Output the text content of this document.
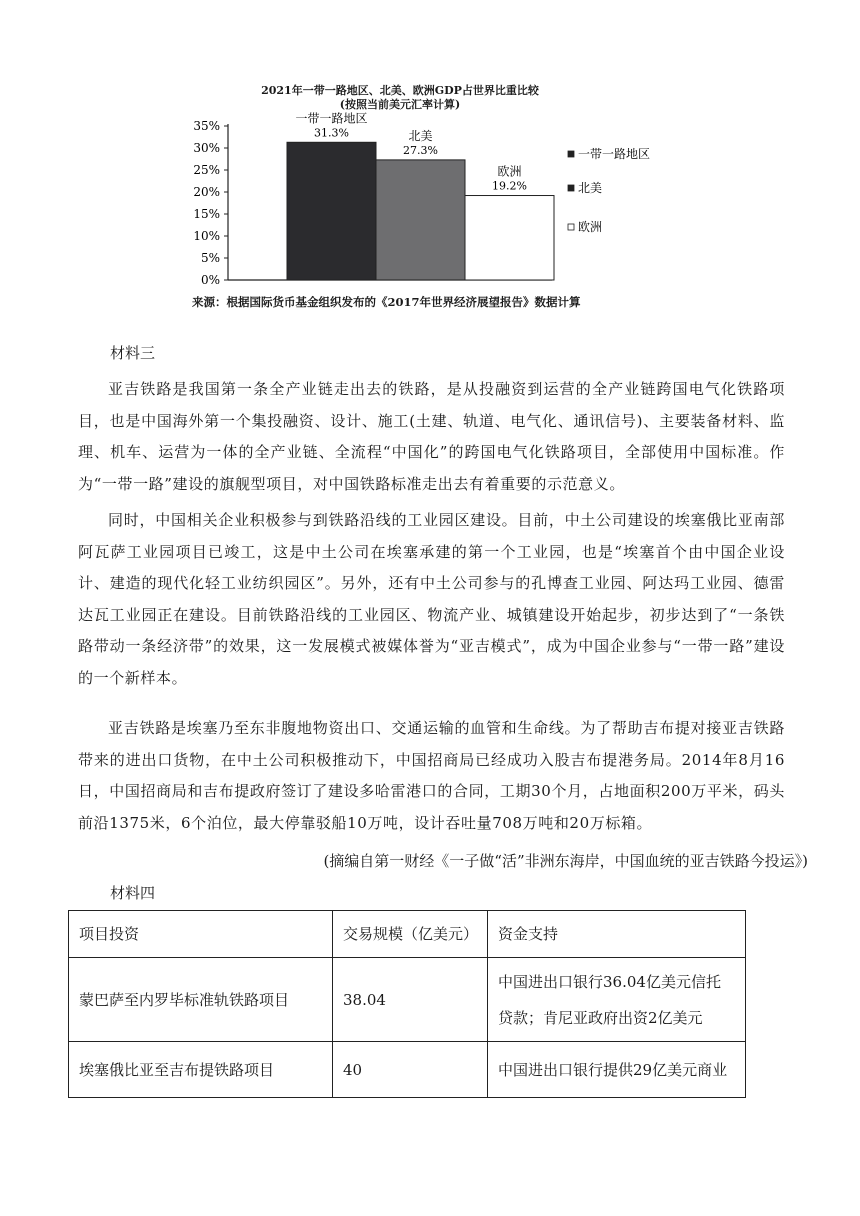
2021年一带一路地区、北美、欧洲GDP占世界比重比较
(按照当前美元汇率计算)
35%
30%
25%
20%
15%
10%
5%
0%
一带一路地区
31.3%	北美
27.3%
欧洲
19.2%
一带一路地区
北美
欧洲
来源：根据国际货币基金组织发布的《2017年世界经济展望报告》数据计算
材料三
亚吉铁路是我国第一条全产业链走出去的铁路，是从投融资到运营的全产业链跨国电气化铁路项目，也是中国海外第一个集投融资、设计、施工(土建、轨道、电气化、通讯信号)、主要装备材料、监理、机车、运营为一体的全产业链、全流程“中国化”的跨国电气化铁路项目，全部使用中国标准。作为“一带一路”建设的旗舰型项目，对中国铁路标准走出去有着重要的示范意义。
同时，中国相关企业积极参与到铁路沿线的工业园区建设。目前，中土公司建设的埃塞俄比亚南部阿瓦萨工业园项目已竣工，这是中土公司在埃塞承建的第一个工业园，也是“埃塞首个由中国企业设计、建造的现代化轻工业纺织园区”。另外，还有中土公司参与的孔博查工业园、阿达玛工业园、德雷达瓦工业园正在建设。目前铁路沿线的工业园区、物流产业、城镇建设开始起步，初步达到了“一条铁路带动一条经济带”的效果，这一发展模式被媒体誉为“亚吉模式”，成为中国企业参与“一带一路”建设的一个新样本。
亚吉铁路是埃塞乃至东非腹地物资出口、交通运输的血管和生命线。为了帮助吉布提对接亚吉铁路带来的进出口货物，在中土公司积极推动下，中国招商局已经成功入股吉布提港务局。2014年8月16日，中国招商局和吉布提政府签订了建设多哈雷港口的合同，工期30个月，占地面积200万平米，码头前沿1375米，6个泊位，最大停靠驳船10万吨，设计吞吐量708万吨和20万标箱。
(摘编自第一财经《一子做“活”非洲东海岸，中国血统的亚吉铁路今投运》)
材料四
项目投资	交易规模（亿美元）	资金支持
蒙巴萨至内罗毕标准轨铁路项目	38.04	中国进出口银行36.04亿美元信托贷款；肯尼亚政府出资2亿美元
埃塞俄比亚至吉布提铁路项目	40	中国进出口银行提供29亿美元商业
